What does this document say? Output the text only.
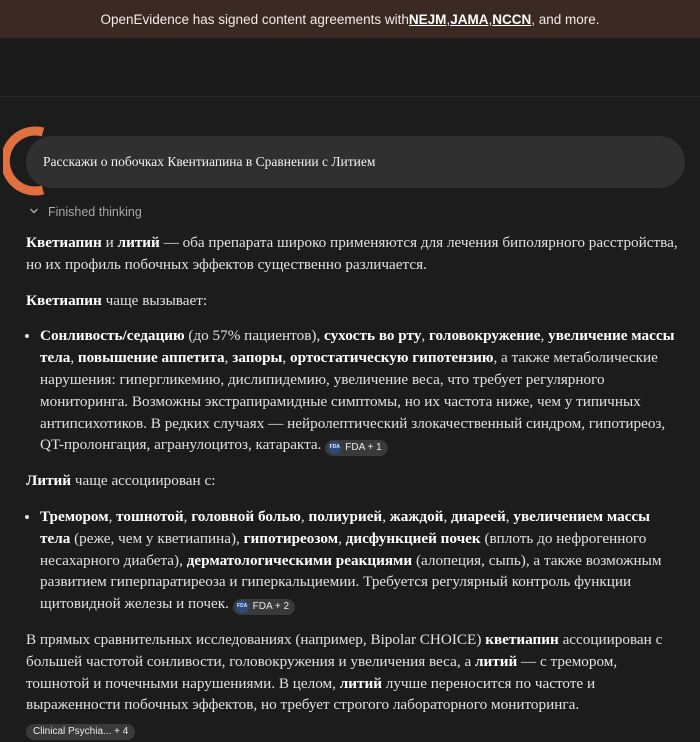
OpenEvidence has signed content agreements with NEJM , JAMA , NCCN , and more.
Расскажи о побочках Квентиапина в Сравнении с Литием
Finished thinking

Кветиапин и литий — оба препарата широко применяются для лечения биполярного расстройства, но их профиль побочных эффектов существенно различается.

Кветиапин чаще вызывает:

• Сонливость/седацию (до 57% пациентов), сухость во рту, головокружение, увеличение массы тела, повышение аппетита, запоры, ортостатическую гипотензию, а также метаболические нарушения: гипергликемию, дислипидемию, увеличение веса, что требует регулярного мониторинга. Возможны экстрапирамидные симптомы, но их частота ниже, чем у типичных антипсихотиков. В редких случаях — нейролептический злокачественный синдром, гипотиреоз, QT-пролонгация, агранулоцитоз, катаракта. FDA FDA + 1

Литий чаще ассоциирован с:

• Тремором, тошнотой, головной болью, полиурией, жаждой, диареей, увеличением массы тела (реже, чем у кветиапина), гипотиреозом, дисфункцией почек (вплоть до нефрогенного несахарного диабета), дерматологическими реакциями (алопеция, сыпь), а также возможным развитием гиперпаратиреоза и гиперкальциемии. Требуется регулярный контроль функции щитовидной железы и почек. FDA FDA + 2

В прямых сравнительных исследованиях (например, Bipolar CHOICE) кветиапин ассоциирован с большей частотой сонливости, головокружения и увеличения веса, а литий — с тремором, тошнотой и почечными нарушениями. В целом, литий лучше переносится по частоте и выраженности побочных эффектов, но требует строгого лабораторного мониторинга.

Clinical Psychia... + 4
